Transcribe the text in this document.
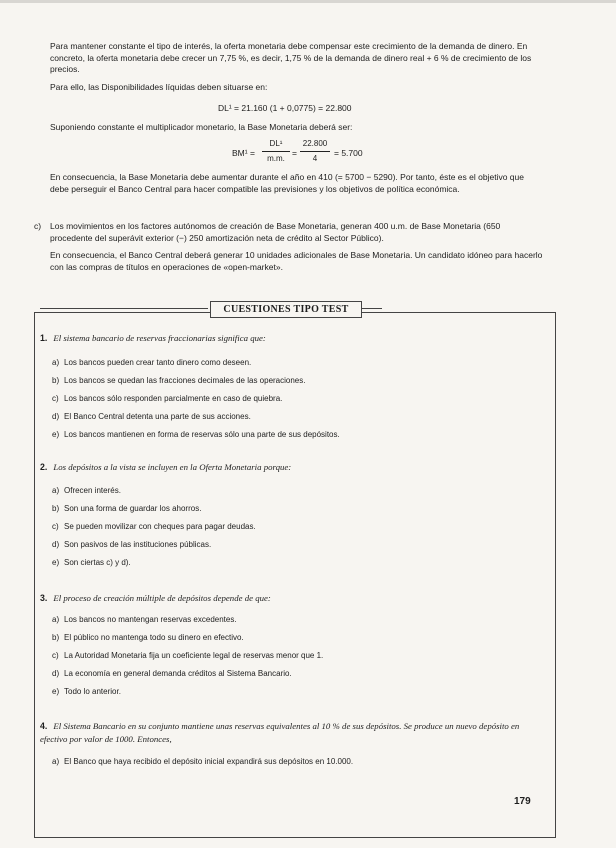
Para mantener constante el tipo de interés, la oferta monetaria debe compensar este crecimiento de la demanda de dinero. En concreto, la oferta monetaria debe crecer un 7,75 %, es decir, 1,75 % de la demanda de dinero real + 6 % de crecimiento de los precios.
Para ello, las Disponibilidades líquidas deben situarse en:
DL¹ = 21.160 (1 + 0,0775) = 22.800
Suponiendo constante el multiplicador monetario, la Base Monetaria deberá ser:
BM¹ =
DL¹
m.m.
=
22.800
4
= 5.700
En consecuencia, la Base Monetaria debe aumentar durante el año en 410 (= 5700 − 5290). Por tanto, éste es el objetivo que debe perseguir el Banco Central para hacer compatible las previsiones y los objetivos de política económica.
c) Los movimientos en los factores autónomos de creación de Base Monetaria, generan 400 u.m. de Base Monetaria (650 procedente del superávit exterior (−) 250 amortización neta de crédito al Sector Público).
En consecuencia, el Banco Central deberá generar 10 unidades adicionales de Base Monetaria. Un candidato idóneo para hacerlo con las compras de títulos en operaciones de «open-market».
CUESTIONES TIPO TEST
1. El sistema bancario de reservas fraccionarias significa que:
a) Los bancos pueden crear tanto dinero como deseen.
b) Los bancos se quedan las fracciones decimales de las operaciones.
c) Los bancos sólo responden parcialmente en caso de quiebra.
d) El Banco Central detenta una parte de sus acciones.
e) Los bancos mantienen en forma de reservas sólo una parte de sus depósitos.
2. Los depósitos a la vista se incluyen en la Oferta Monetaria porque:
a) Ofrecen interés.
b) Son una forma de guardar los ahorros.
c) Se pueden movilizar con cheques para pagar deudas.
d) Son pasivos de las instituciones públicas.
e) Son ciertas c) y d).
3. El proceso de creación múltiple de depósitos depende de que:
a) Los bancos no mantengan reservas excedentes.
b) El público no mantenga todo su dinero en efectivo.
c) La Autoridad Monetaria fija un coeficiente legal de reservas menor que 1.
d) La economía en general demanda créditos al Sistema Bancario.
e) Todo lo anterior.
4. El Sistema Bancario en su conjunto mantiene unas reservas equivalentes al 10 % de sus depósitos. Se produce un nuevo depósito en efectivo por valor de 1000. Entonces,
a) El Banco que haya recibido el depósito inicial expandirá sus depósitos en 10.000.
179
